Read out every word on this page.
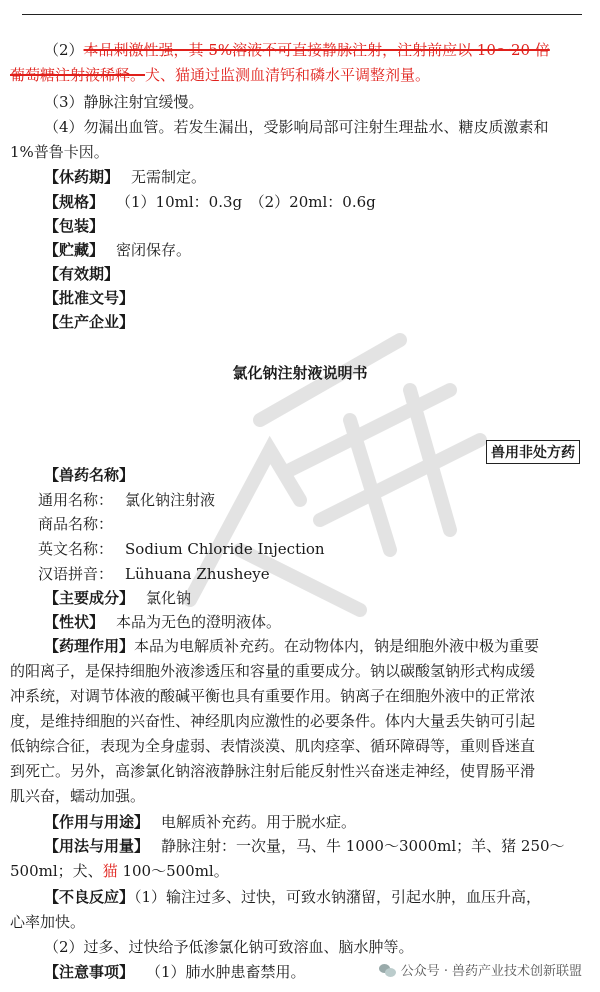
（2）本品刺激性强，其 5%溶液不可直接静脉注射，注射前应以 10～20 倍
葡萄糖注射液稀释。犬、猫通过监测血清钙和磷水平调整剂量。
（3）静脉注射宜缓慢。
（4）勿漏出血管。若发生漏出，受影响局部可注射生理盐水、糖皮质激素和
1%普鲁卡因。
【休药期】 无需制定。
【规格】 （1）10ml：0.3g　（2）20ml：0.6g
【包装】
【贮藏】 密闭保存。
【有效期】
【批准文号】
【生产企业】
氯化钠注射液说明书
兽用非处方药
【兽药名称】
通用名称： 氯化钠注射液
商品名称：
英文名称： Sodium Chloride Injection
汉语拼音： Lühuana Zhusheye
【主要成分】 氯化钠
【性状】 本品为无色的澄明液体。
【药理作用】本品为电解质补充药。在动物体内，钠是细胞外液中极为重要
的阳离子，是保持细胞外液渗透压和容量的重要成分。钠以碳酸氢钠形式构成缓
冲系统，对调节体液的酸碱平衡也具有重要作用。钠离子在细胞外液中的正常浓
度，是维持细胞的兴奋性、神经肌肉应激性的必要条件。体内大量丢失钠可引起
低钠综合征，表现为全身虚弱、表情淡漠、肌肉痉挛、循环障碍等，重则昏迷直
到死亡。另外，高渗氯化钠溶液静脉注射后能反射性兴奋迷走神经，使胃肠平滑
肌兴奋，蠕动加强。
【作用与用途】 电解质补充药。用于脱水症。
【用法与用量】 静脉注射：一次量，马、牛 1000～3000ml；羊、猪 250～
500ml；犬、猫 100～500ml。
【不良反应】（1）输注过多、过快，可致水钠潴留，引起水肿，血压升高，
心率加快。
（2）过多、过快给予低渗氯化钠可致溶血、脑水肿等。
【注意事项】 （1）肺水肿患畜禁用。	公众号 · 兽药产业技术创新联盟
